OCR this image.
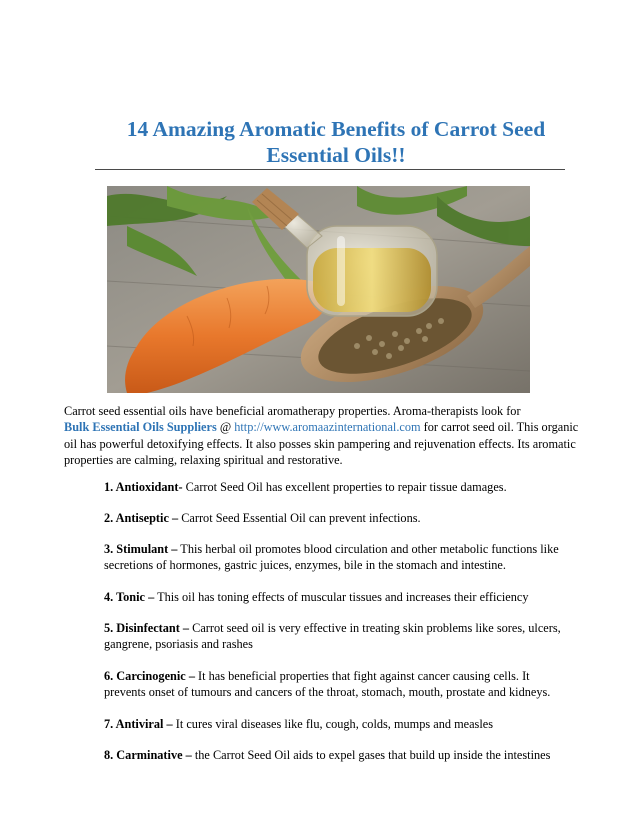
14 Amazing Aromatic Benefits of Carrot Seed
Essential Oils!!

Carrot seed essential oils have beneficial aromatherapy properties. Aroma-therapists look for
Bulk Essential Oils Suppliers @ http://www.aromaazinternational.com for carrot seed oil. This organic oil has powerful detoxifying effects. It also posses skin pampering and rejuvenation effects. Its aromatic properties are calming, relaxing spiritual and restorative.

1. Antioxidant- Carrot Seed Oil has excellent properties to repair tissue damages.
2. Antiseptic – Carrot Seed Essential Oil can prevent infections.
3. Stimulant – This herbal oil promotes blood circulation and other metabolic functions like secretions of hormones, gastric juices, enzymes, bile in the stomach and intestine.
4. Tonic – This oil has toning effects of muscular tissues and increases their efficiency
5. Disinfectant – Carrot seed oil is very effective in treating skin problems like sores, ulcers, gangrene, psoriasis and rashes
6. Carcinogenic – It has beneficial properties that fight against cancer causing cells. It prevents onset of tumours and cancers of the throat, stomach, mouth, prostate and kidneys.
7. Antiviral – It cures viral diseases like flu, cough, colds, mumps and measles
8. Carminative – the Carrot Seed Oil aids to expel gases that build up inside the intestines
